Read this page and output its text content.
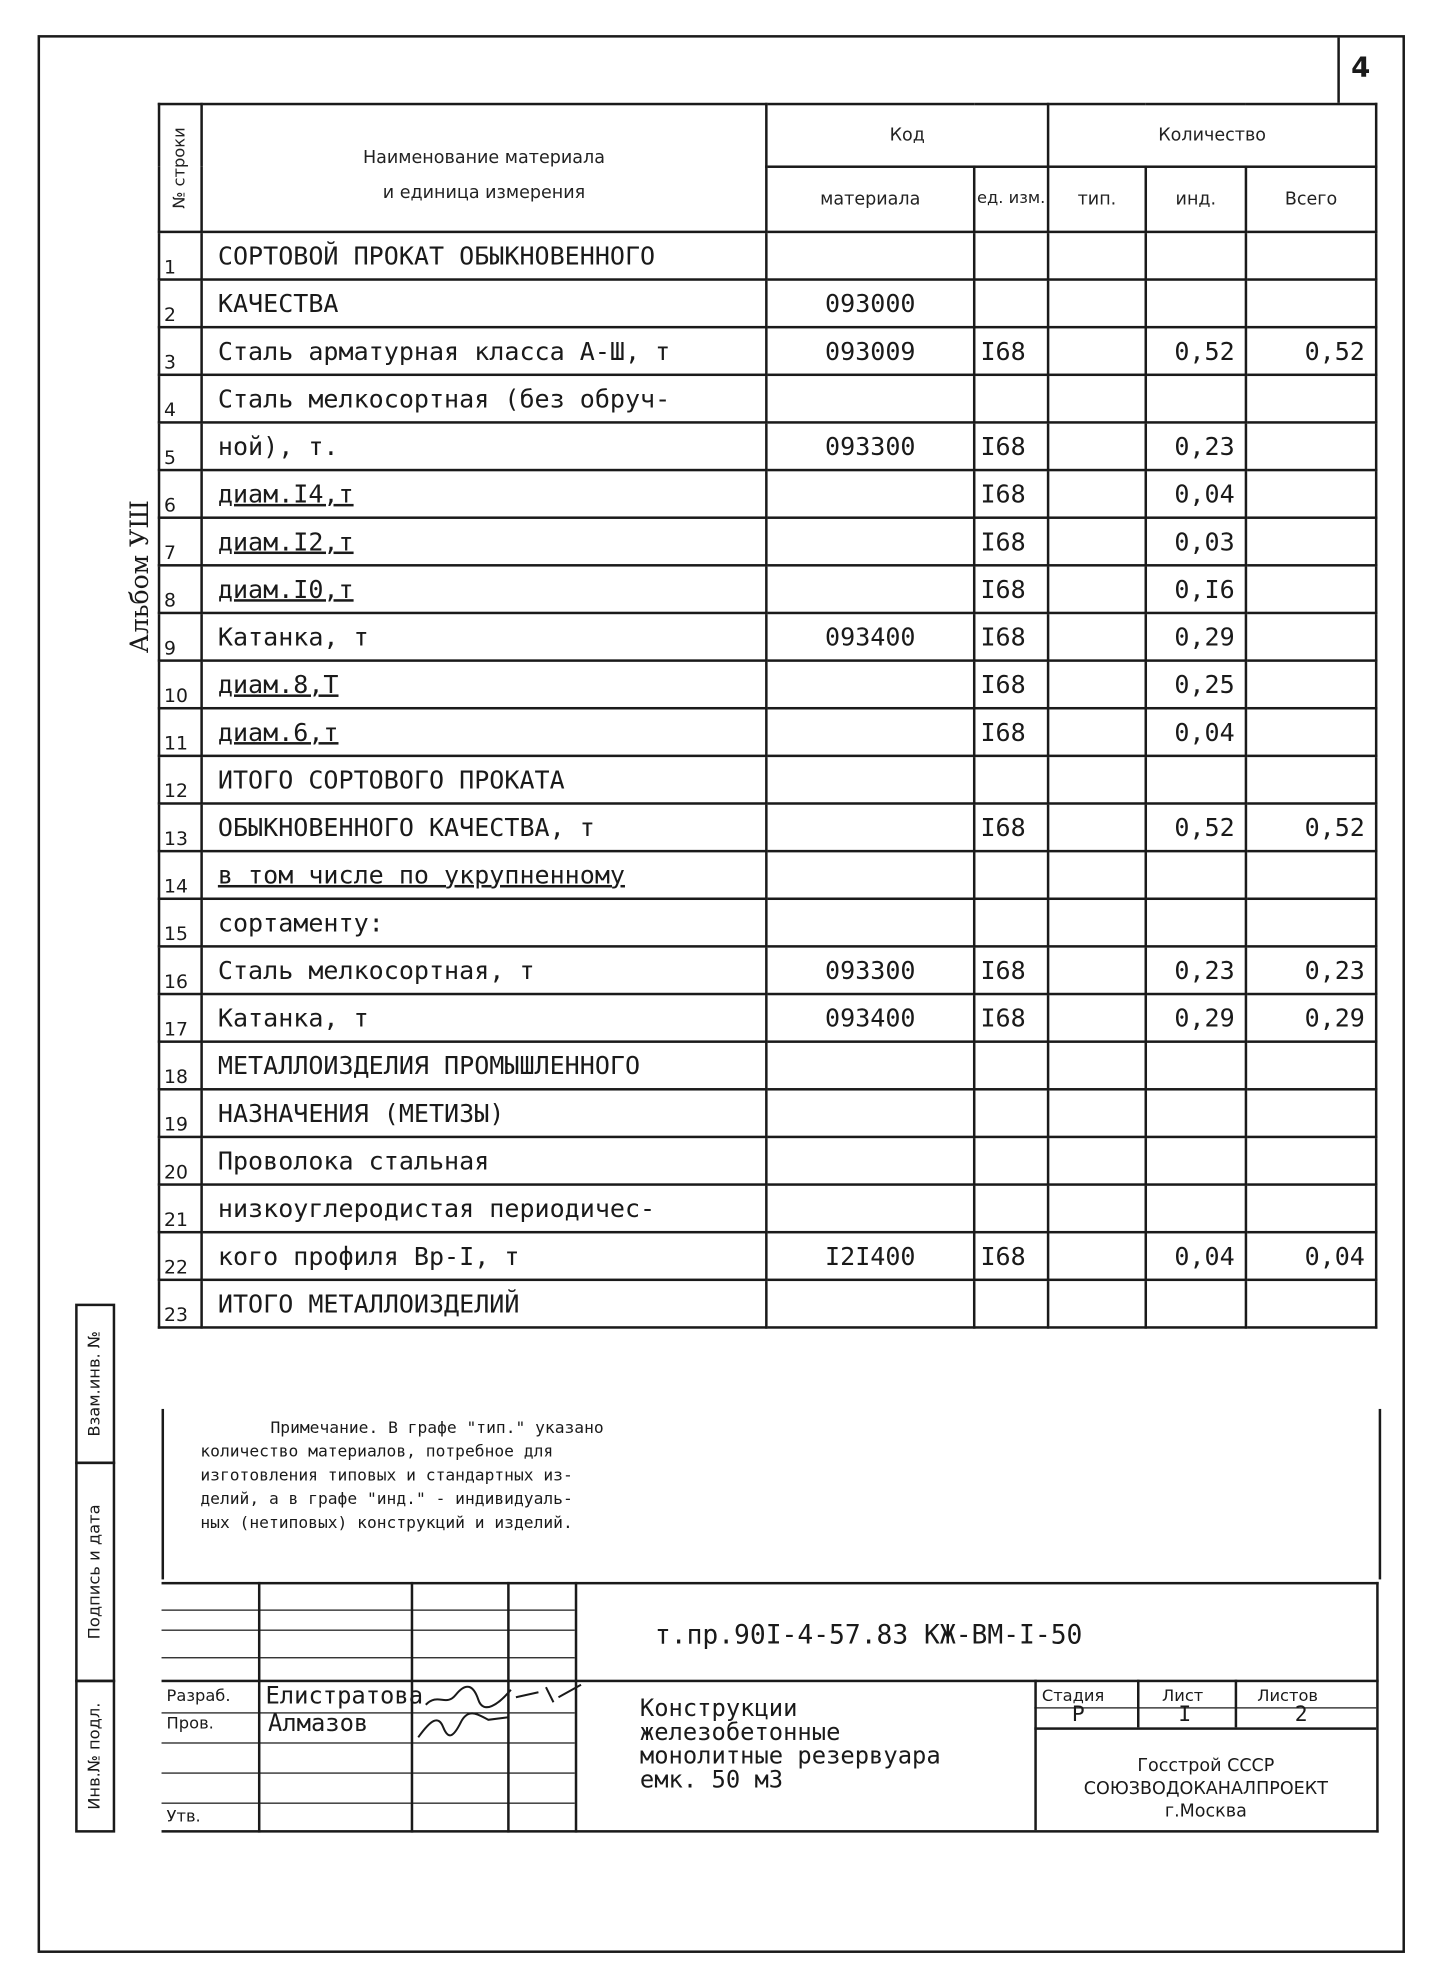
4
Альбом УШ
№ строки	Наименование материала
и единица измерения	Код		Количество		
		материала	ед. изм.	тип.	инд.	Всего
1	СОРТОВОЙ ПРОКАТ ОБЫКНОВЕННОГО					
2	КАЧЕСТВА	093000				
3	Сталь арматурная класса А-Ш, т	093009	I68		0,52	0,52
4	Сталь мелкосортная (без обруч-					
5	ной), т.	093300	I68		0,23	
6	диам.I4,т		I68		0,04	
7	диам.I2,т		I68		0,03	
8	диам.I0,т		I68		0,I6	
9	Катанка, т	093400	I68		0,29	
10	диам.8,Т		I68		0,25	
11	диам.6,т		I68		0,04	
12	ИТОГО СОРТОВОГО ПРОКАТА					
13	ОБЫКНОВЕННОГО КАЧЕСТВА, т		I68		0,52	0,52
14	в том числе по укрупненному					
15	сортаменту:					
16	Сталь мелкосортная, т	093300	I68		0,23	0,23
17	Катанка, т	093400	I68		0,29	0,29
18	МЕТАЛЛОИЗДЕЛИЯ ПРОМЫШЛЕННОГО					
19	НАЗНАЧЕНИЯ (МЕТИЗЫ)					
20	Проволока стальная					
21	низкоуглеродистая периодичес-					
22	кого профиля Вр-I, т	I2I400	I68		0,04	0,04
23	ИТОГО МЕТАЛЛОИЗДЕЛИЙ					
Примечание. В графе "тип." указано
количество материалов, потребное для
изготовления типовых и стандартных из-
делий, а в графе "инд." - индивидуаль-
ных (нетиповых) конструкций и изделий.
Взам.инв. №
Подпись и дата
Инв.№ подл.
т.пр.90I-4-57.83 КЖ-ВМ-I-50
Разраб. Елистратова
Пров.	Алмазов
Утв.
Конструкции
железобетонные
монолитные резервуара
емк. 50 м3
Стадия	Лист	Листов
Р	I	2
Госстрой СССР
СОЮЗВОДОКАНАЛПРОЕКТ
г.Москва
